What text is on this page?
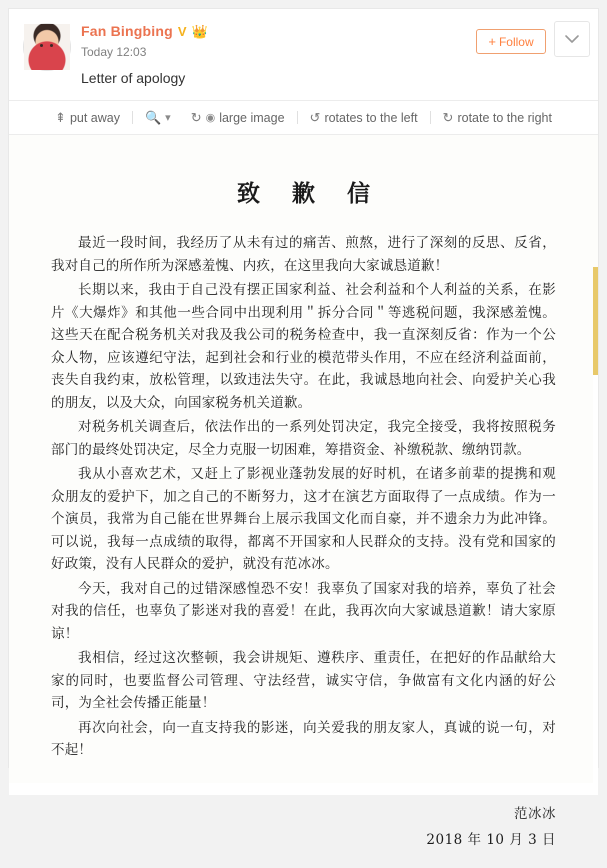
Fan Bingbing V 👑
Today 12:03
Letter of apology
+ Follow
⇞ put away 🔍 ▾ ↻ ◉ large image ↺ rotates to the left ↻ rotate to the right
致 歉 信

最近一段时间，我经历了从未有过的痛苦、煎熬，进行了深刻的反思、反省，我对自己的所作所为深感羞愧、内疚，在这里我向大家诚恳道歉！

长期以来，我由于自己没有摆正国家利益、社会利益和个人利益的关系，在影片《大爆炸》和其他一些合同中出现利用＂拆分合同＂等逃税问题，我深感羞愧。这些天在配合税务机关对我及我公司的税务检查中，我一直深刻反省：作为一个公众人物，应该遵纪守法，起到社会和行业的模范带头作用，不应在经济利益面前，丧失自我约束，放松管理，以致违法失守。在此，我诚恳地向社会、向爱护关心我的朋友，以及大众，向国家税务机关道歉。

对税务机关调查后，依法作出的一系列处罚决定，我完全接受，我将按照税务部门的最终处罚决定，尽全力克服一切困难，筹措资金、补缴税款、缴纳罚款。

我从小喜欢艺术，又赶上了影视业蓬勃发展的好时机，在诸多前辈的提携和观众朋友的爱护下，加之自己的不断努力，这才在演艺方面取得了一点成绩。作为一个演员，我常为自己能在世界舞台上展示我国文化而自豪，并不遗余力为此冲锋。可以说，我每一点成绩的取得，都离不开国家和人民群众的支持。没有党和国家的好政策，没有人民群众的爱护，就没有范冰冰。

今天，我对自己的过错深感惶恐不安！我辜负了国家对我的培养，辜负了社会对我的信任，也辜负了影迷对我的喜爱！在此，我再次向大家诚恳道歉！请大家原谅！

我相信，经过这次整顿，我会讲规矩、遵秩序、重责任，在把好的作品献给大家的同时，也要监督公司管理、守法经营，诚实守信，争做富有文化内涵的好公司，为全社会传播正能量！

再次向社会，向一直支持我的影迷，向关爱我的朋友家人，真诚的说一句，对不起！

范冰冰
2018 年 10 月 3 日
